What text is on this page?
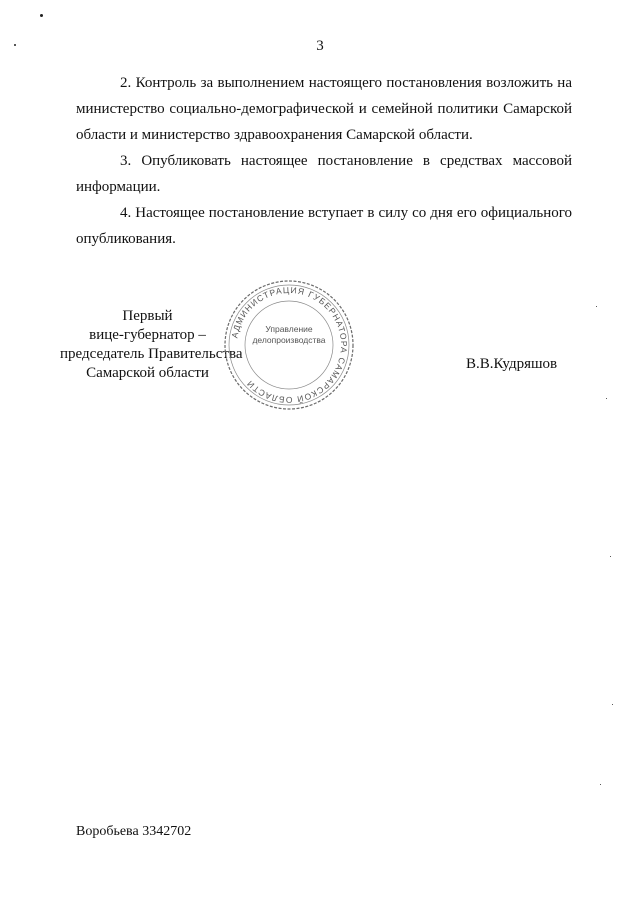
3
2. Контроль за выполнением настоящего постановления возложить на министерство социально-демографической и семейной политики Самарской области и министерство здравоохранения Самарской области.
3. Опубликовать настоящее постановление в средствах массовой информации.
4. Настоящее постановление вступает в силу со дня его официального опубликования.
Первый
вице-губернатор –
председатель Правительства
Самарской области
АДМИНИСТРАЦИЯ ГУБЕРНАТОРА САМАРСКОЙ ОБЛАСТИ
Управление делопроизводства
В.В.Кудряшов
Воробьева 3342702
